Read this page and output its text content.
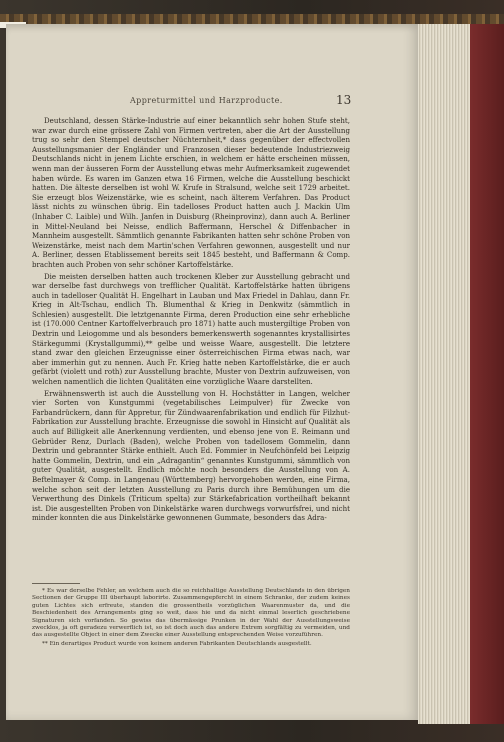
Appreturmittel und Harzproducte.	13

Deutschland, dessen Stärke-Industrie auf einer bekanntlich sehr hohen Stufe steht, war zwar durch eine grössere Zahl von Firmen vertreten, aber die Art der Ausstellung trug so sehr den Stempel deutscher Nüchternheit,* dass gegenüber der effectvollen Ausstellungsmanier der Engländer und Franzosen dieser bedeutende Industriezweig Deutschlands nicht in jenem Lichte erschien, in welchem er hätte erscheinen müssen, wenn man der äusseren Form der Ausstellung etwas mehr Aufmerksamkeit zugewendet haben würde. Es waren im Ganzen etwa 16 Firmen, welche die Ausstellung beschickt hatten. Die älteste derselben ist wohl W. Krufe in Stralsund, welche seit 1729 arbeitet. Sie erzeugt blos Weizenstärke, wie es scheint, nach älterem Verfahren. Das Product lässt nichts zu wünschen übrig. Ein tadelloses Product hatten auch J. Mackin Ulm (Inhaber C. Laible) und Wilh. Janfen in Duisburg (Rheinprovinz), dann auch A. Berliner in Mittel-Neuland bei Neisse, endlich Baffermann, Herschel & Diffenbacher in Mannheim ausgestellt. Sämmtlich genannte Fabrikanten hatten sehr schöne Proben von Weizenstärke, meist nach dem Martin'schen Verfahren gewonnen, ausgestellt und nur A. Berliner, dessen Etablissement bereits seit 1845 besteht, und Baffermann & Comp. brachten auch Proben von sehr schöner Kartoffelstärke.

Die meisten derselben hatten auch trockenen Kleber zur Ausstellung gebracht und war derselbe fast durchwegs von trefflicher Qualität. Kartoffelstärke hatten übrigens auch in tadelloser Qualität H. Engelhart in Lauban und Max Friedel in Dahlau, dann Fr. Krieg in Alt-Tschau, endlich Th. Blumenthal & Krieg in Denkwitz (sämmtlich in Schlesien) ausgestellt. Die letztgenannte Firma, deren Production eine sehr erhebliche ist (170.000 Centner Kartoffelverbrauch pro 1871) hatte auch mustergiltige Proben von Dextrin und Leiogomme und als besonders bemerkenswerth sogenanntes krystallisirtes Stärkegummi (Krystallgummi),** gelbe und weisse Waare, ausgestellt. Die letztere stand zwar den gleichen Erzeugnisse einer österreichischen Firma etwas nach, war aber immerhin gut zu nennen. Auch Fr. Krieg hatte neben Kartoffelstärke, die er auch gefärbt (violett und roth) zur Ausstellung brachte, Muster von Dextrin aufzuweisen, von welchen namentlich die lichten Qualitäten eine vorzügliche Waare darstellten.

Erwähnenswerth ist auch die Ausstellung von H. Hochstätter in Langen, welcher vier Sorten von Kunstgummi (vegetabilisches Leimpulver) für Zwecke von Farbandrückern, dann für Appretur, für Zündwaarenfabrikation und endlich für Filzhut-Fabrikation zur Ausstellung brachte. Erzeugnisse die sowohl in Hinsicht auf Qualität als auch auf Billigkeit alle Anerkennung verdienten, und ebenso jene von E. Reimann und Gebrüder Renz, Durlach (Baden), welche Proben von tadellosem Gommelin, dann Dextrin und gebrannter Stärke enthielt. Auch Ed. Fommier in Neufchönfeld bei Leipzig hatte Gommelin, Dextrin, und ein „Adragantin“ genanntes Kunstgummi, sämmtlich von guter Qualität, ausgestellt. Endlich möchte noch besonders die Ausstellung von A. Beftelmayer & Comp. in Langenau (Württemberg) hervorgehoben werden, eine Firma, welche schon seit der letzten Ausstellung zu Paris durch ihre Bemühungen um die Verwerthung des Dinkels (Triticum spelta) zur Stärkefabrication vortheilhaft bekannt ist. Die ausgestellten Proben von Dinkelstärke waren durchwegs vorwurfsfrei, und nicht minder konnten die aus Dinkelstärke gewonnenen Gummate, besonders das Adra-

* Es war derselbe Fehler, an welchem auch die so reichhaltige Ausstellung Deutschlands in den übrigen Sectionen der Gruppe III überhaupt laborirte. Zusammengepfercht in einem Schranke, der zudem keines guten Lichtes sich erfreute, standen die grossentheils vorzüglichen Waarenmuster da, und die Beschiedenheit des Arrangements ging so weit, dass hie und da nicht einmal leserlich geschriebene Signaturen sich vorfanden. So gewiss das übermässige Prunken in der Wahl der Ausstellungsweise zwecklos, ja oft geradezu verwerflich ist, so ist doch auch das andere Extrem sorgfältig zu vermeiden, und das ausgestellte Object in einer dem Zwecke einer Ausstellung entsprechenden Weise vorzuführen.

** Ein derartiges Product wurde von keinem anderen Fabrikanten Deutschlands ausgestellt.
